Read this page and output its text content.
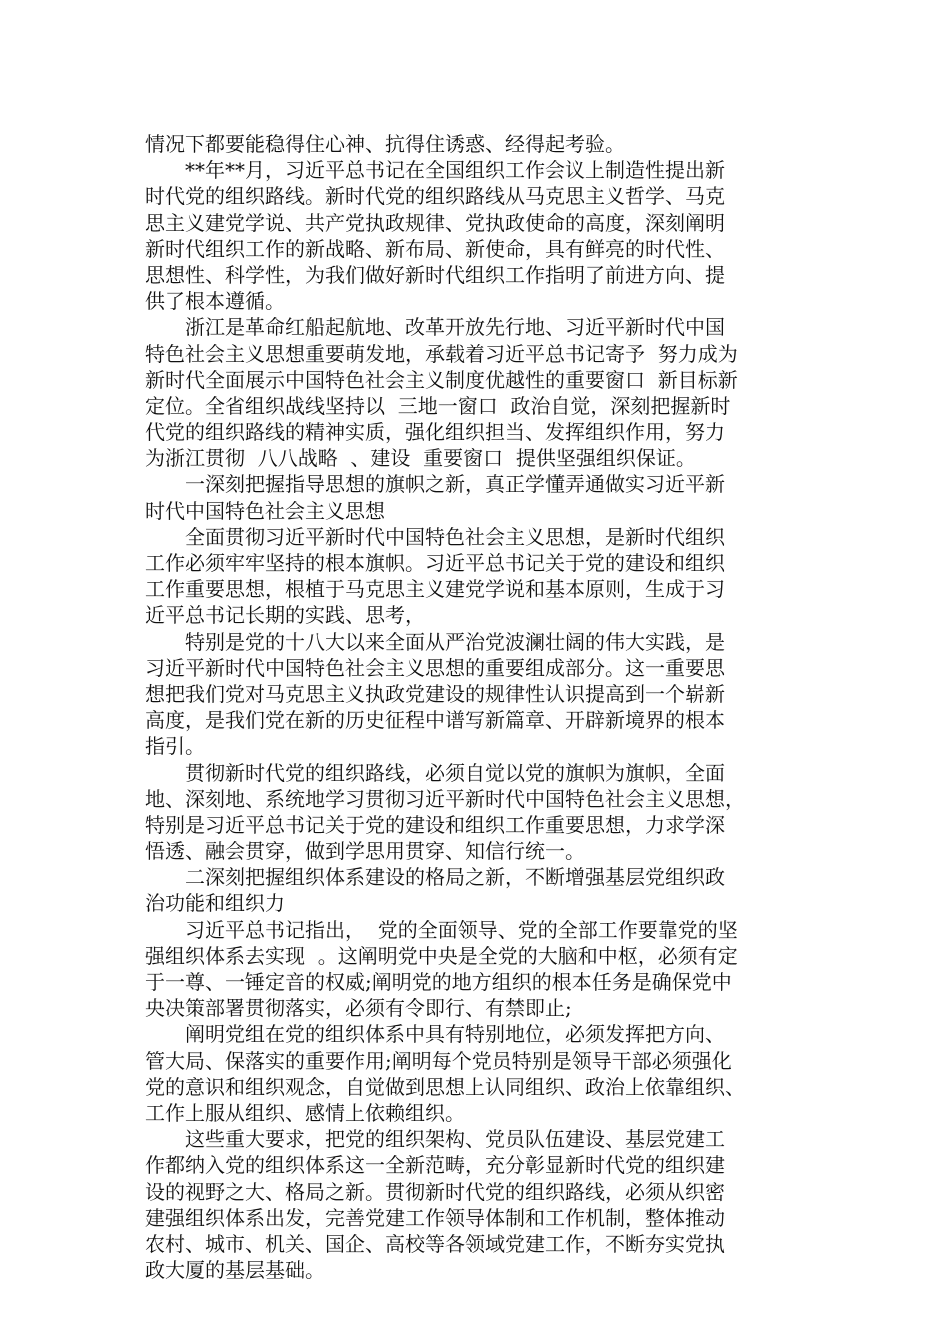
情况下都要能稳得住心神、抗得住诱惑、经得起考验。
　　**年**月，习近平总书记在全国组织工作会议上制造性提出新
时代党的组织路线。新时代党的组织路线从马克思主义哲学、马克
思主义建党学说、共产党执政规律、党执政使命的高度，深刻阐明
新时代组织工作的新战略、新布局、新使命，具有鲜亮的时代性、
思想性、科学性，为我们做好新时代组织工作指明了前进方向、提
供了根本遵循。
　　浙江是革命红船起航地、改革开放先行地、习近平新时代中国
特色社会主义思想重要萌发地，承载着习近平总书记寄予  努力成为
新时代全面展示中国特色社会主义制度优越性的重要窗口  新目标新
定位。全省组织战线坚持以  三地一窗口  政治自觉，深刻把握新时
代党的组织路线的精神实质，强化组织担当、发挥组织作用，努力
为浙江贯彻  八八战略  、建设  重要窗口  提供坚强组织保证。
　　一深刻把握指导思想的旗帜之新，真正学懂弄通做实习近平新
时代中国特色社会主义思想
　　全面贯彻习近平新时代中国特色社会主义思想，是新时代组织
工作必须牢牢坚持的根本旗帜。习近平总书记关于党的建设和组织
工作重要思想，根植于马克思主义建党学说和基本原则，生成于习
近平总书记长期的实践、思考，
　　特别是党的十八大以来全面从严治党波澜壮阔的伟大实践，是
习近平新时代中国特色社会主义思想的重要组成部分。这一重要思
想把我们党对马克思主义执政党建设的规律性认识提高到一个崭新
高度，是我们党在新的历史征程中谱写新篇章、开辟新境界的根本
指引。
　　贯彻新时代党的组织路线，必须自觉以党的旗帜为旗帜，全面
地、深刻地、系统地学习贯彻习近平新时代中国特色社会主义思想，
特别是习近平总书记关于党的建设和组织工作重要思想，力求学深
悟透、融会贯穿，做到学思用贯穿、知信行统一。
　　二深刻把握组织体系建设的格局之新，不断增强基层党组织政
治功能和组织力
　　习近平总书记指出，  党的全面领导、党的全部工作要靠党的坚
强组织体系去实现  。这阐明党中央是全党的大脑和中枢，必须有定
于一尊、一锤定音的权威;阐明党的地方组织的根本任务是确保党中
央决策部署贯彻落实，必须有令即行、有禁即止;
　　阐明党组在党的组织体系中具有特别地位，必须发挥把方向、
管大局、保落实的重要作用;阐明每个党员特别是领导干部必须强化
党的意识和组织观念，自觉做到思想上认同组织、政治上依靠组织、
工作上服从组织、感情上依赖组织。
　　这些重大要求，把党的组织架构、党员队伍建设、基层党建工
作都纳入党的组织体系这一全新范畴，充分彰显新时代党的组织建
设的视野之大、格局之新。贯彻新时代党的组织路线，必须从织密
建强组织体系出发，完善党建工作领导体制和工作机制，整体推动
农村、城市、机关、国企、高校等各领域党建工作，不断夯实党执
政大厦的基层基础。
